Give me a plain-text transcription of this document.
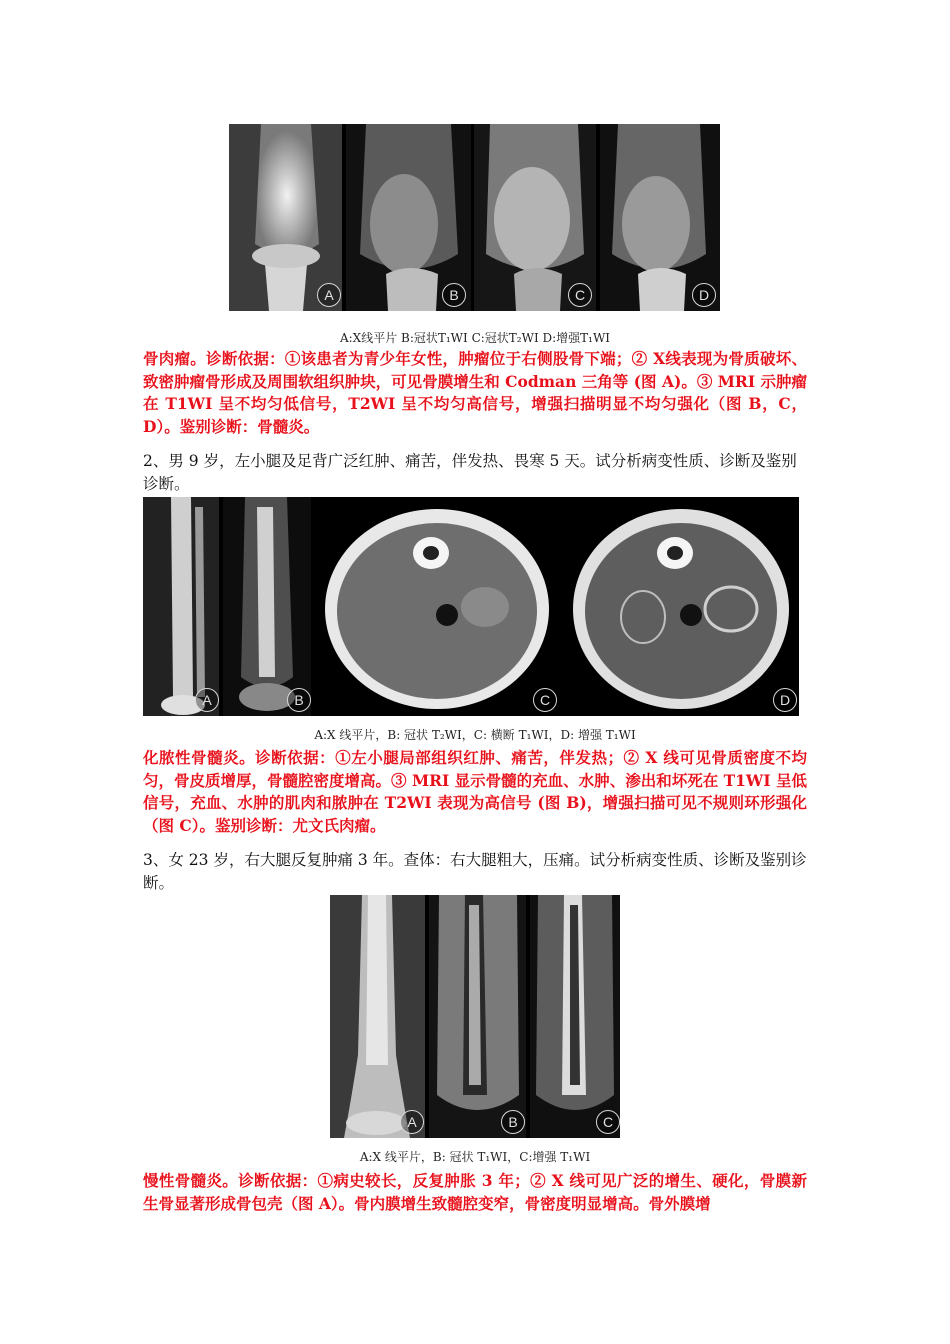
A	B	C	D
A:X线平片 B:冠状T₁WI C:冠状T₂WI D:增强T₁WI
骨肉瘤。诊断依据：①该患者为青少年女性，肿瘤位于右侧股骨下端；② X线表现为骨质破坏、致密肿瘤骨形成及周围软组织肿块，可见骨膜增生和 Codman 三角等 (图 A)。③ MRI 示肿瘤在 T1WI 呈不均匀低信号，T2WI 呈不均匀高信号，增强扫描明显不均匀强化（图 B，C，D）。鉴别诊断：骨髓炎。
2、男 9 岁，左小腿及足背广泛红肿、痛苦，伴发热、畏寒 5 天。试分析病变性质、诊断及鉴别诊断。
A	B	C	D
A:X 线平片，B: 冠状 T₂WI，C: 横断 T₁WI，D: 增强 T₁WI
化脓性骨髓炎。诊断依据：①左小腿局部组织红肿、痛苦，伴发热；② X 线可见骨质密度不均匀，骨皮质增厚，骨髓腔密度增高。③ MRI 显示骨髓的充血、水肿、渗出和坏死在 T1WI 呈低信号，充血、水肿的肌肉和脓肿在 T2WI 表现为高信号 (图 B)，增强扫描可见不规则环形强化（图 C）。鉴别诊断：尤文氏肉瘤。
3、女 23 岁，右大腿反复肿痛 3 年。查体：右大腿粗大，压痛。试分析病变性质、诊断及鉴别诊断。
A	B	C
A:X 线平片，B: 冠状 T₁WI，C:增强 T₁WI
慢性骨髓炎。诊断依据：①病史较长，反复肿胀 3 年；② X 线可见广泛的增生、硬化，骨膜新生骨显著形成骨包壳（图 A）。骨内膜增生致髓腔变窄，骨密度明显增高。骨外膜增
